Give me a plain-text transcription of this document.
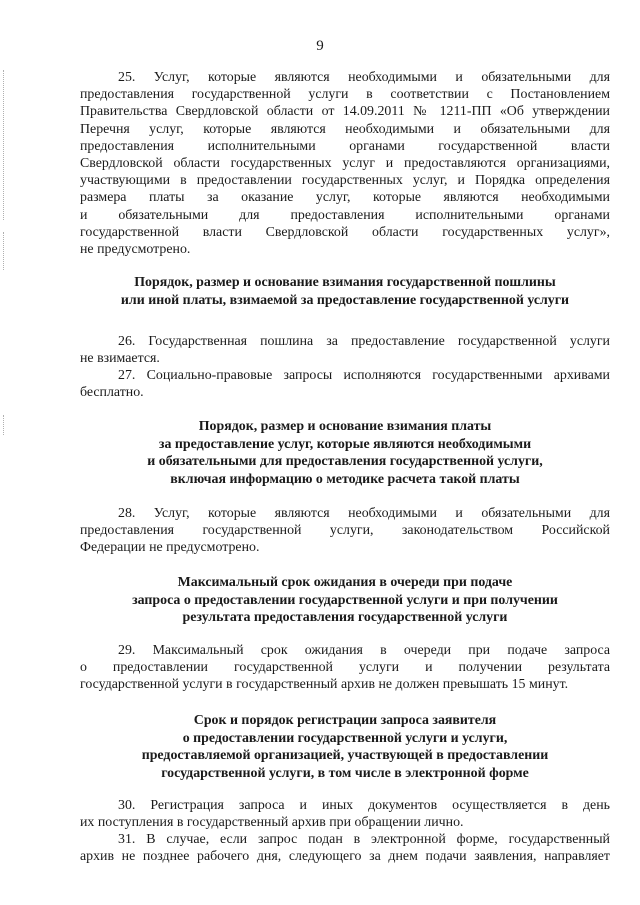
9
25. Услуг, которые являются необходимыми и обязательными для
предоставления государственной услуги в соответствии с Постановлением
Правительства Свердловской области от 14.09.2011 № 1211-ПП «Об утверждении
Перечня услуг, которые являются необходимыми и обязательными для
предоставления исполнительными органами государственной власти
Свердловской области государственных услуг и предоставляются организациями,
участвующими в предоставлении государственных услуг, и Порядка определения
размера платы за оказание услуг, которые являются необходимыми
и обязательными для предоставления исполнительными органами
государственной власти Свердловской области государственных услуг»,
не предусмотрено.
Порядок, размер и основание взимания государственной пошлины
или иной платы, взимаемой за предоставление государственной услуги
26. Государственная пошлина за предоставление государственной услуги
не взимается.
27. Социально-правовые запросы исполняются государственными архивами
бесплатно.
Порядок, размер и основание взимания платы
за предоставление услуг, которые являются необходимыми
и обязательными для предоставления государственной услуги,
включая информацию о методике расчета такой платы
28. Услуг, которые являются необходимыми и обязательными для
предоставления государственной услуги, законодательством Российской
Федерации не предусмотрено.
Максимальный срок ожидания в очереди при подаче
запроса о предоставлении государственной услуги и при получении
результата предоставления государственной услуги
29. Максимальный срок ожидания в очереди при подаче запроса
о предоставлении государственной услуги и получении результата
государственной услуги в государственный архив не должен превышать 15 минут.
Срок и порядок регистрации запроса заявителя
о предоставлении государственной услуги и услуги,
предоставляемой организацией, участвующей в предоставлении
государственной услуги, в том числе в электронной форме
30. Регистрация запроса и иных документов осуществляется в день
их поступления в государственный архив при обращении лично.
31. В случае, если запрос подан в электронной форме, государственный
архив не позднее рабочего дня, следующего за днем подачи заявления, направляет
